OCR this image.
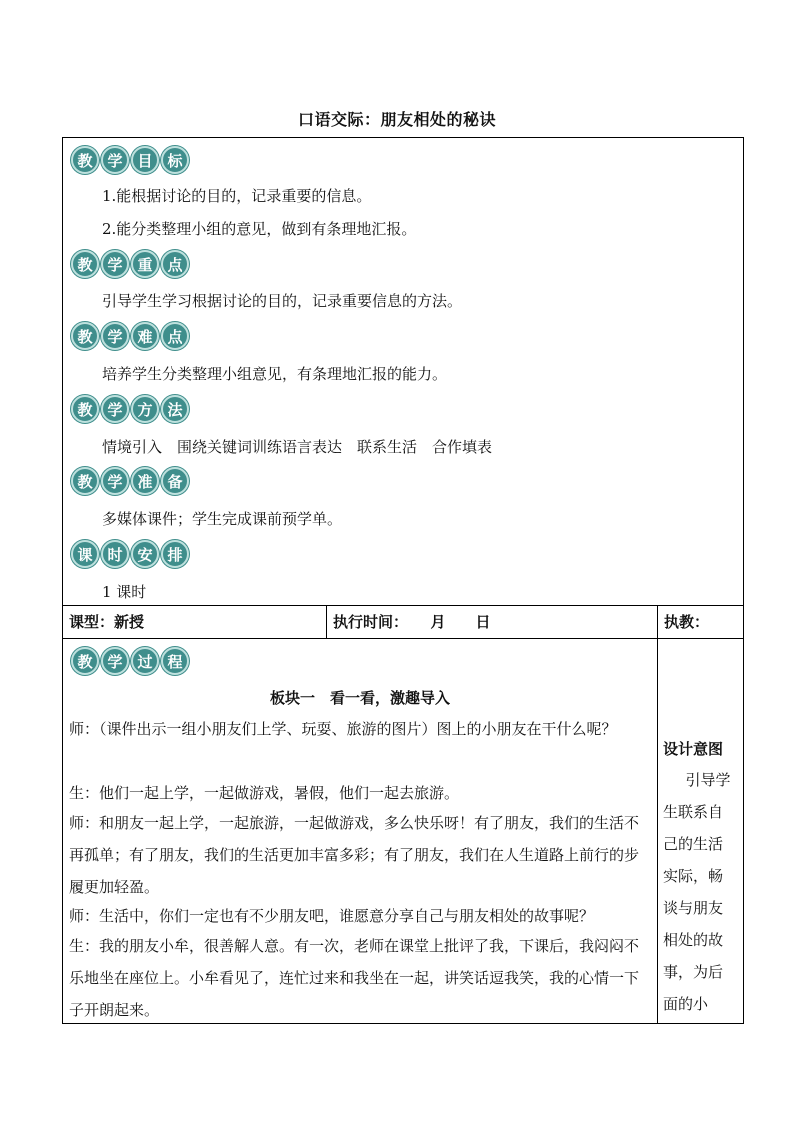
口语交际：朋友相处的秘诀
教 学 目 标
1.能根据讨论的目的，记录重要的信息。
2.能分类整理小组的意见，做到有条理地汇报。
教 学 重 点
引导学生学习根据讨论的目的，记录重要信息的方法。
教 学 难 点
培养学生分类整理小组意见，有条理地汇报的能力。
教 学 方 法
情境引入　围绕关键词训练语言表达　联系生活　合作填表
教 学 准 备
多媒体课件；学生完成课前预学单。
课 时 安 排
1 课时
课型：新授	执行时间：　　月　　日	执教：
教 学 过 程
板块一　看一看，激趣导入
师：（课件出示一组小朋友们上学、玩耍、旅游的图片）图上的小朋友在干什么呢？
生：他们一起上学，一起做游戏，暑假，他们一起去旅游。
师：和朋友一起上学，一起旅游，一起做游戏，多么快乐呀！有了朋友，我们的生活不再孤单；有了朋友，我们的生活更加丰富多彩；有了朋友，我们在人生道路上前行的步履更加轻盈。
师：生活中，你们一定也有不少朋友吧，谁愿意分享自己与朋友相处的故事呢？
生：我的朋友小牟，很善解人意。有一次，老师在课堂上批评了我，下课后，我闷闷不乐地坐在座位上。小牟看见了，连忙过来和我坐在一起，讲笑话逗我笑，我的心情一下子开朗起来。
设计意图
引导学生联系自己的生活实际，畅谈与朋友相处的故事，为后面的小
